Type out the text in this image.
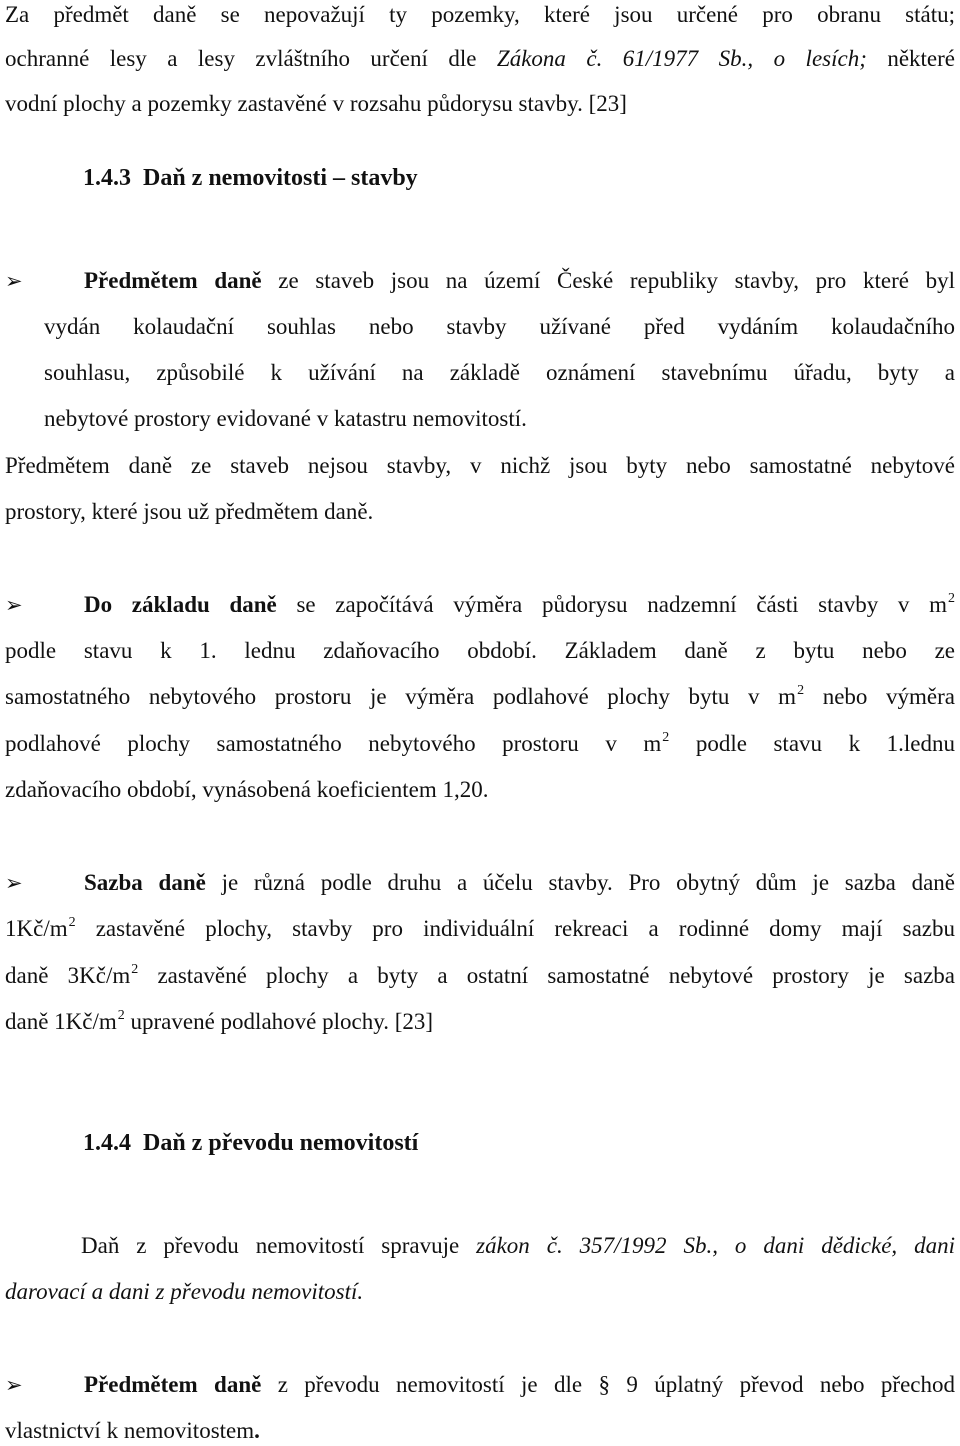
Za předmět daně se nepovažují ty pozemky, které jsou určené pro obranu státu;
ochranné lesy a lesy zvláštního určení dle Zákona č. 61/1977 Sb., o lesích; některé
vodní plochy a pozemky zastavěné v rozsahu půdorysu stavby. [23]
1.4.3 Daň z nemovitosti – stavby
➢	Předmětem daně ze staveb jsou na území České republiky stavby, pro které byl
vydán kolaudační souhlas nebo stavby užívané před vydáním kolaudačního
souhlasu, způsobilé k užívání na základě oznámení stavebnímu úřadu, byty a
nebytové prostory evidované v katastru nemovitostí.
Předmětem daně ze staveb nejsou stavby, v nichž jsou byty nebo samostatné nebytové
prostory, které jsou už předmětem daně.
➢	Do základu daně se započítává výměra půdorysu nadzemní části stavby v $m^2$
podle stavu k 1. lednu zdaňovacího období. Základem daně z bytu nebo ze
samostatného nebytového prostoru je výměra podlahové plochy bytu v $m^2$ nebo výměra
podlahové plochy samostatného nebytového prostoru v $m^2$ podle stavu k 1.lednu
zdaňovacího období, vynásobená koeficientem 1,20.
➢	Sazba daně je různá podle druhu a účelu stavby. Pro obytný dům je sazba daně
$1Kč/m^2$ zastavěné plochy, stavby pro individuální rekreaci a rodinné domy mají sazbu
daně $3Kč/m^2$ zastavěné plochy a byty a ostatní samostatné nebytové prostory je sazba
daně $1Kč/m^2$ upravené podlahové plochy. [23]
1.4.4 Daň z převodu nemovitostí
Daň z převodu nemovitostí spravuje zákon č. 357/1992 Sb., o dani dědické, dani
darovací a dani z převodu nemovitostí.
➢	Předmětem daně z převodu nemovitostí je dle § 9 úplatný převod nebo přechod
vlastnictví k nemovitostem.
